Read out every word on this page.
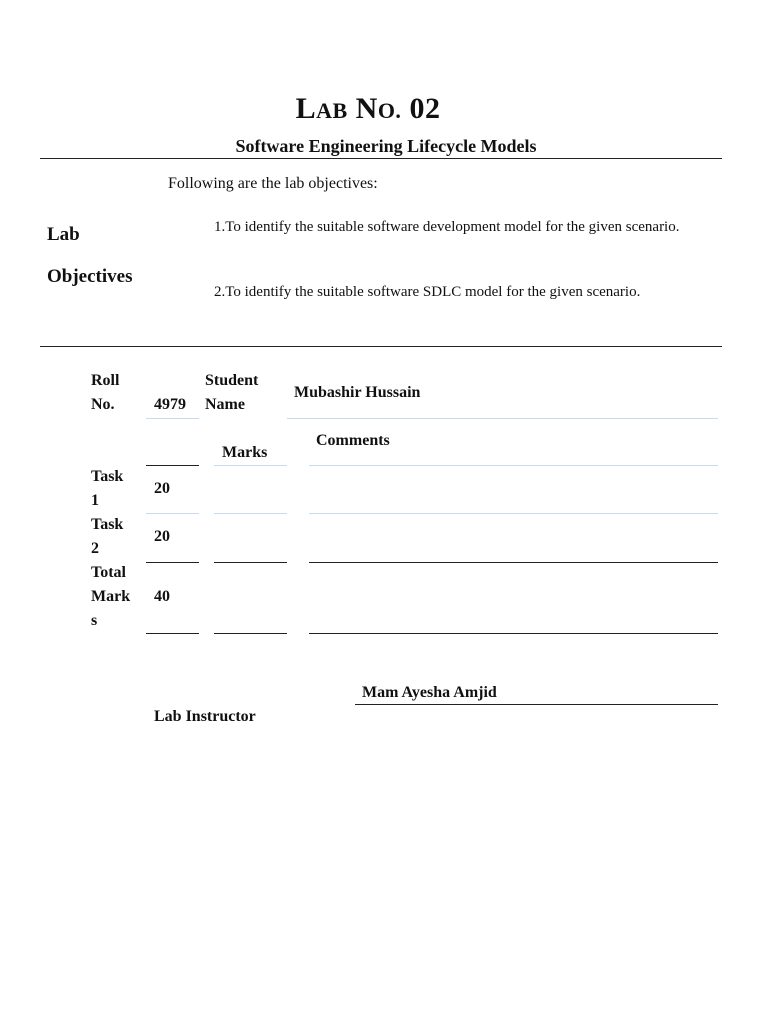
LAB NO. 02
Software Engineering Lifecycle Models
Following are the lab objectives:
Lab
Objectives
1.To identify the suitable software development model for the given scenario.
2.To identify the suitable software SDLC model for the given scenario.
Roll
No. 4979
Student
Name
Mubashir Hussain
Comments
Marks
Task
1
20
Task
2
20
Total
Mark
s
40
Mam Ayesha Amjid
Lab Instructor
